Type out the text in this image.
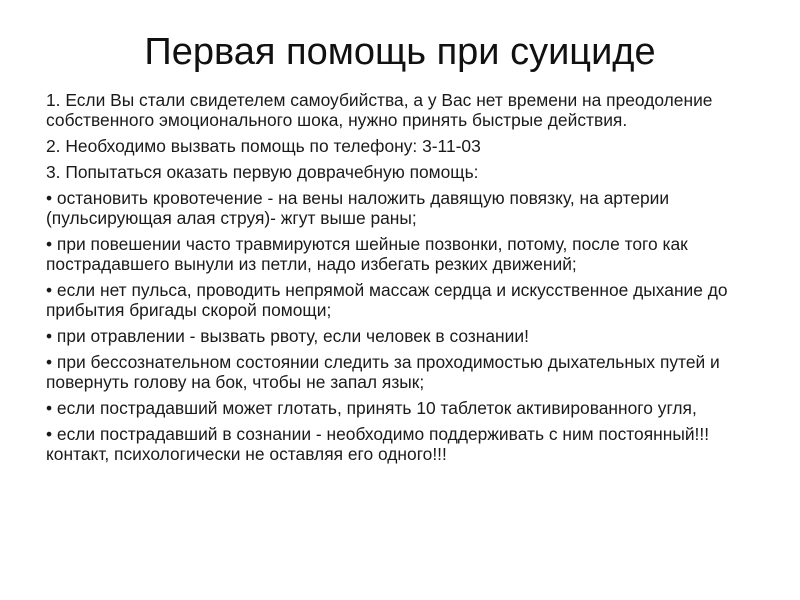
Первая помощь при суициде

1. Если Вы стали свидетелем самоубийства, а у Вас нет времени на преодоление собственного эмоционального шока, нужно принять быстрые действия.

2. Необходимо вызвать помощь по телефону: 3-11-03

3. Попытаться оказать первую доврачебную помощь:

• остановить кровотечение - на вены наложить давящую повязку, на артерии (пульсирующая алая струя)- жгут выше раны;

• при повешении часто травмируются шейные позвонки, потому, после того как пострадавшего вынули из петли, надо избегать резких движений;

• если нет пульса, проводить непрямой массаж сердца и искусственное дыхание до прибытия бригады скорой помощи;

• при отравлении - вызвать рвоту, если человек в сознании!

• при бессознательном состоянии следить за проходимостью дыхательных путей и повернуть голову на бок, чтобы не запал язык;

• если пострадавший может глотать, принять 10 таблеток активированного угля,

• если пострадавший в сознании - необходимо поддерживать с ним постоянный!!! контакт, психологически не оставляя его одного!!!
